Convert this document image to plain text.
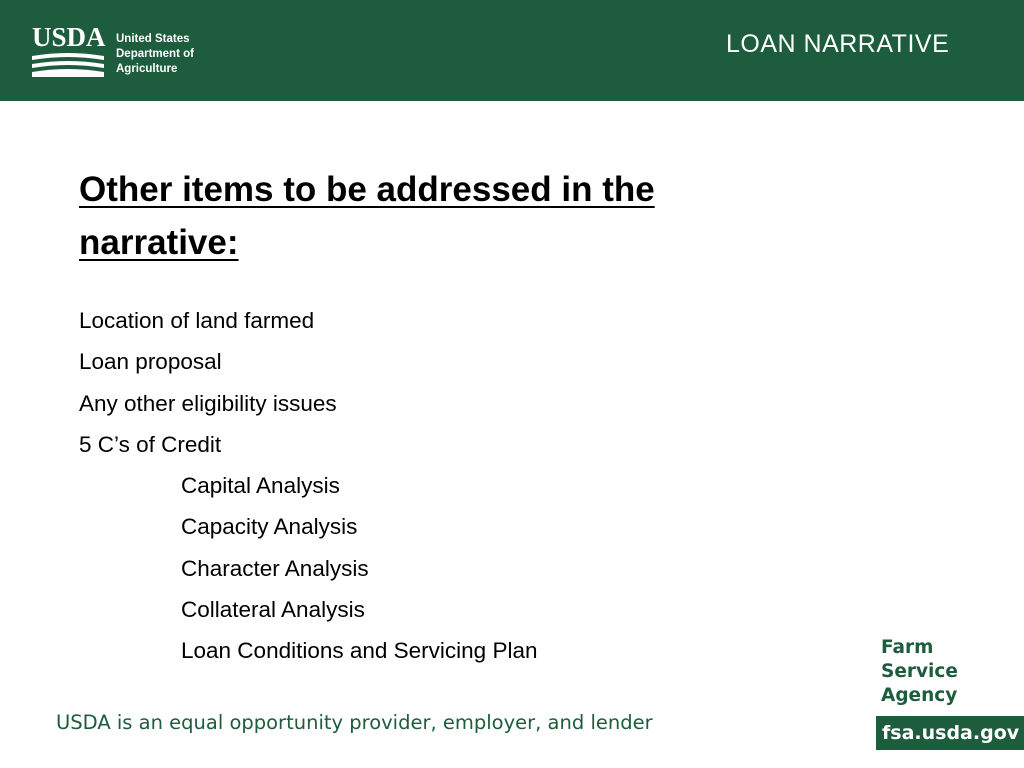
USDA United States
Department of
Agriculture
LOAN NARRATIVE
Other items to be addressed in the
narrative:
Location of land farmed
Loan proposal
Any other eligibility issues
5 C’s of Credit
Capital Analysis
Capacity Analysis
Character Analysis
Collateral Analysis
Loan Conditions and Servicing Plan
USDA is an equal opportunity provider, employer, and lender
Farm
Service
Agency
fsa.usda.gov
